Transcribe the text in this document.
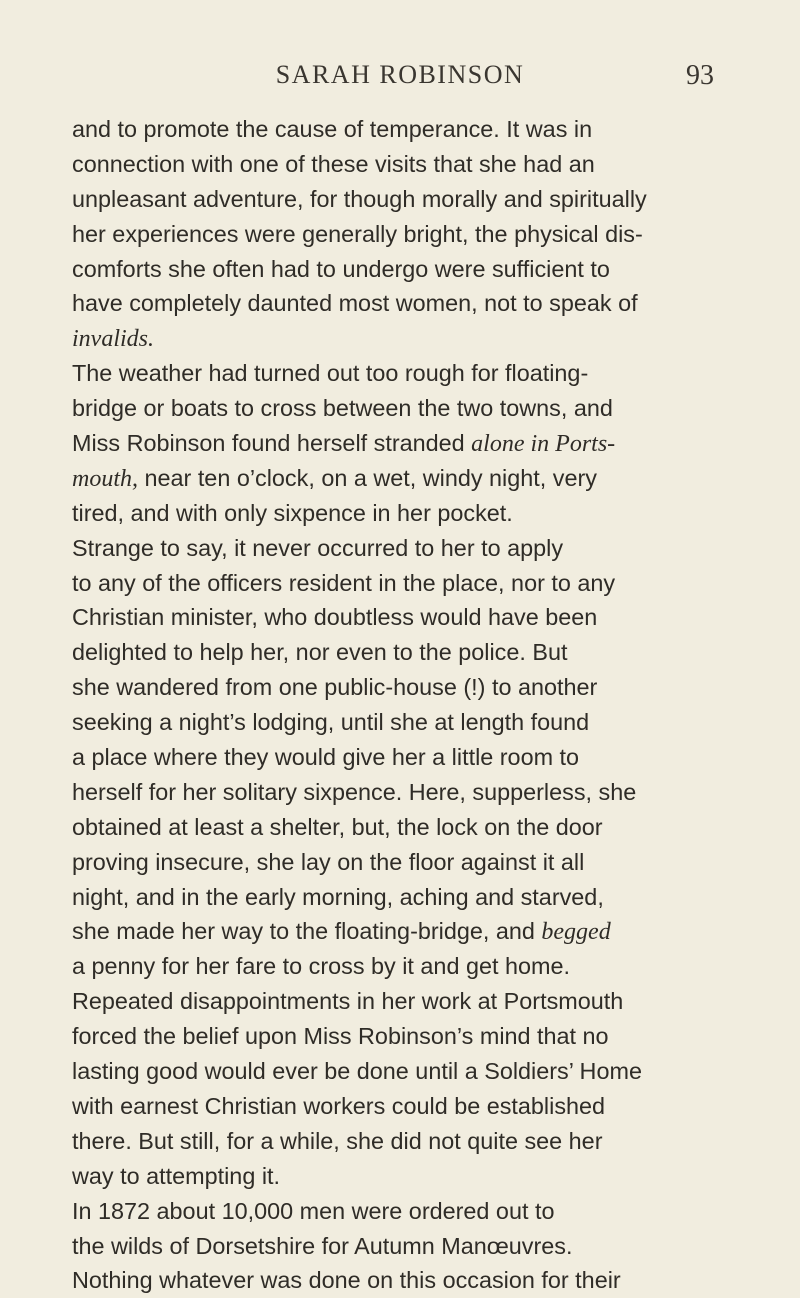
SARAH ROBINSON	93
and to promote the cause of temperance. It was in
connection with one of these visits that she had an
unpleasant adventure, for though morally and spiritually
her experiences were generally bright, the physical dis-
comforts she often had to undergo were sufficient to
have completely daunted most women, not to speak of
invalids.
The weather had turned out too rough for floating-
bridge or boats to cross between the two towns, and
Miss Robinson found herself stranded alone in Ports-
mouth, near ten o’clock, on a wet, windy night, very
tired, and with only sixpence in her pocket.
Strange to say, it never occurred to her to apply
to any of the officers resident in the place, nor to any
Christian minister, who doubtless would have been
delighted to help her, nor even to the police. But
she wandered from one public-house (!) to another
seeking a night’s lodging, until she at length found
a place where they would give her a little room to
herself for her solitary sixpence. Here, supperless, she
obtained at least a shelter, but, the lock on the door
proving insecure, she lay on the floor against it all
night, and in the early morning, aching and starved,
she made her way to the floating-bridge, and begged
a penny for her fare to cross by it and get home.
Repeated disappointments in her work at Portsmouth
forced the belief upon Miss Robinson’s mind that no
lasting good would ever be done until a Soldiers’ Home
with earnest Christian workers could be established
there. But still, for a while, she did not quite see her
way to attempting it.
In 1872 about 10,000 men were ordered out to
the wilds of Dorsetshire for Autumn Manœuvres.
Nothing whatever was done on this occasion for their
